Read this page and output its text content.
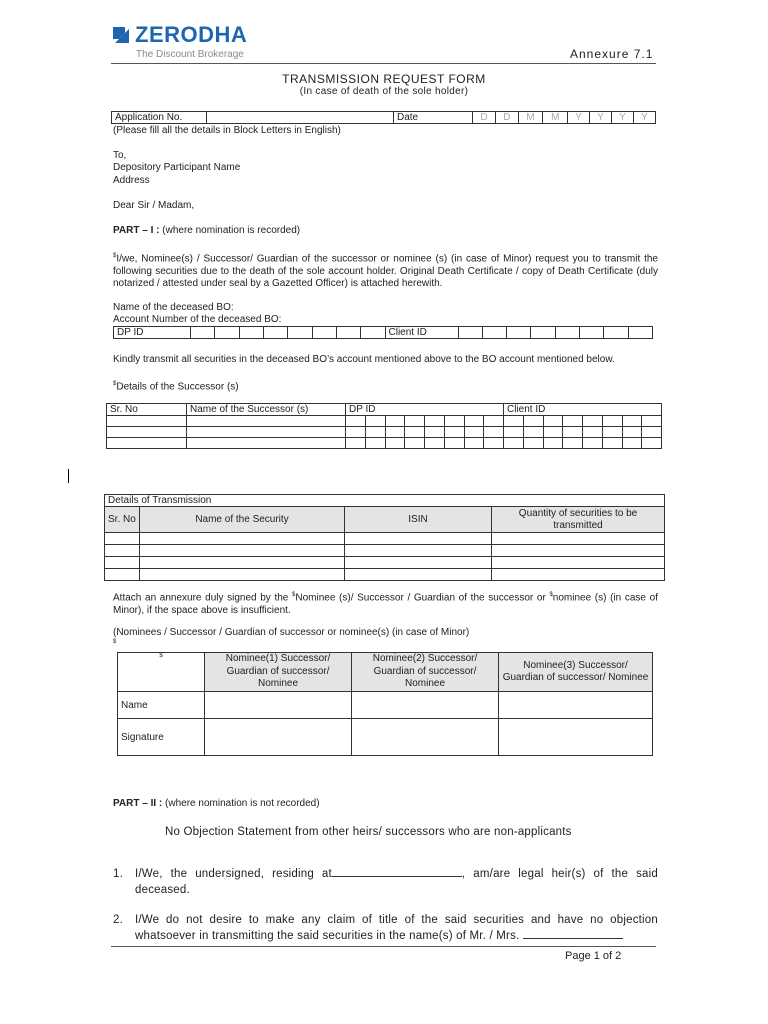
ZERODHA
The Discount Brokerage	Annexure 7.1
TRANSMISSION REQUEST FORM
(In case of death of the sole holder)
Application No.		Date	D	D	M	M	Y	Y	Y	Y
(Please fill all the details in Block Letters in English)
To,
Depository Participant Name
Address
Dear Sir / Madam,
PART – I : (where nomination is recorded)
$I/we, Nominee(s) / Successor/ Guardian of the successor or nominee (s) (in case of Minor) request you to transmit the following securities due to the death of the sole account holder. Original Death Certificate / copy of Death Certificate (duly notarized / attested under seal by a Gazetted Officer) is attached herewith.
Name of the deceased BO:
Account Number of the deceased BO:
DP ID									Client ID								
Kindly transmit all securities in the deceased BO’s account mentioned above to the BO account mentioned below.
$Details of the Successor (s)
Sr. No	Name of the Successor (s)	DP ID								Client ID							

Details of Transmission			
Sr. No	Name of the Security	ISIN	Quantity of securities to be transmitted

Attach an annexure duly signed by the $Nominee (s)/ Successor / Guardian of the successor or $nominee (s) (in case of Minor), if the space above is insufficient.
(Nominees / Successor / Guardian of successor or nominee(s) (in case of Minor)
$
$	Nominee(1) Successor/ Guardian of successor/ Nominee	Nominee(2) Successor/ Guardian of successor/ Nominee	Nominee(3) Successor/ Guardian of successor/ Nominee
Name			
Signature			
PART – II : (where nomination is not recorded)
No Objection Statement from other heirs/ successors who are non-applicants
1.	I/We, the undersigned, residing at	, am/are legal heir(s) of the said deceased.
2.	I/We do not desire to make any claim of title of the said securities and have no objection whatsoever in transmitting the said securities in the name(s) of Mr. / Mrs.
Page 1 of 2
